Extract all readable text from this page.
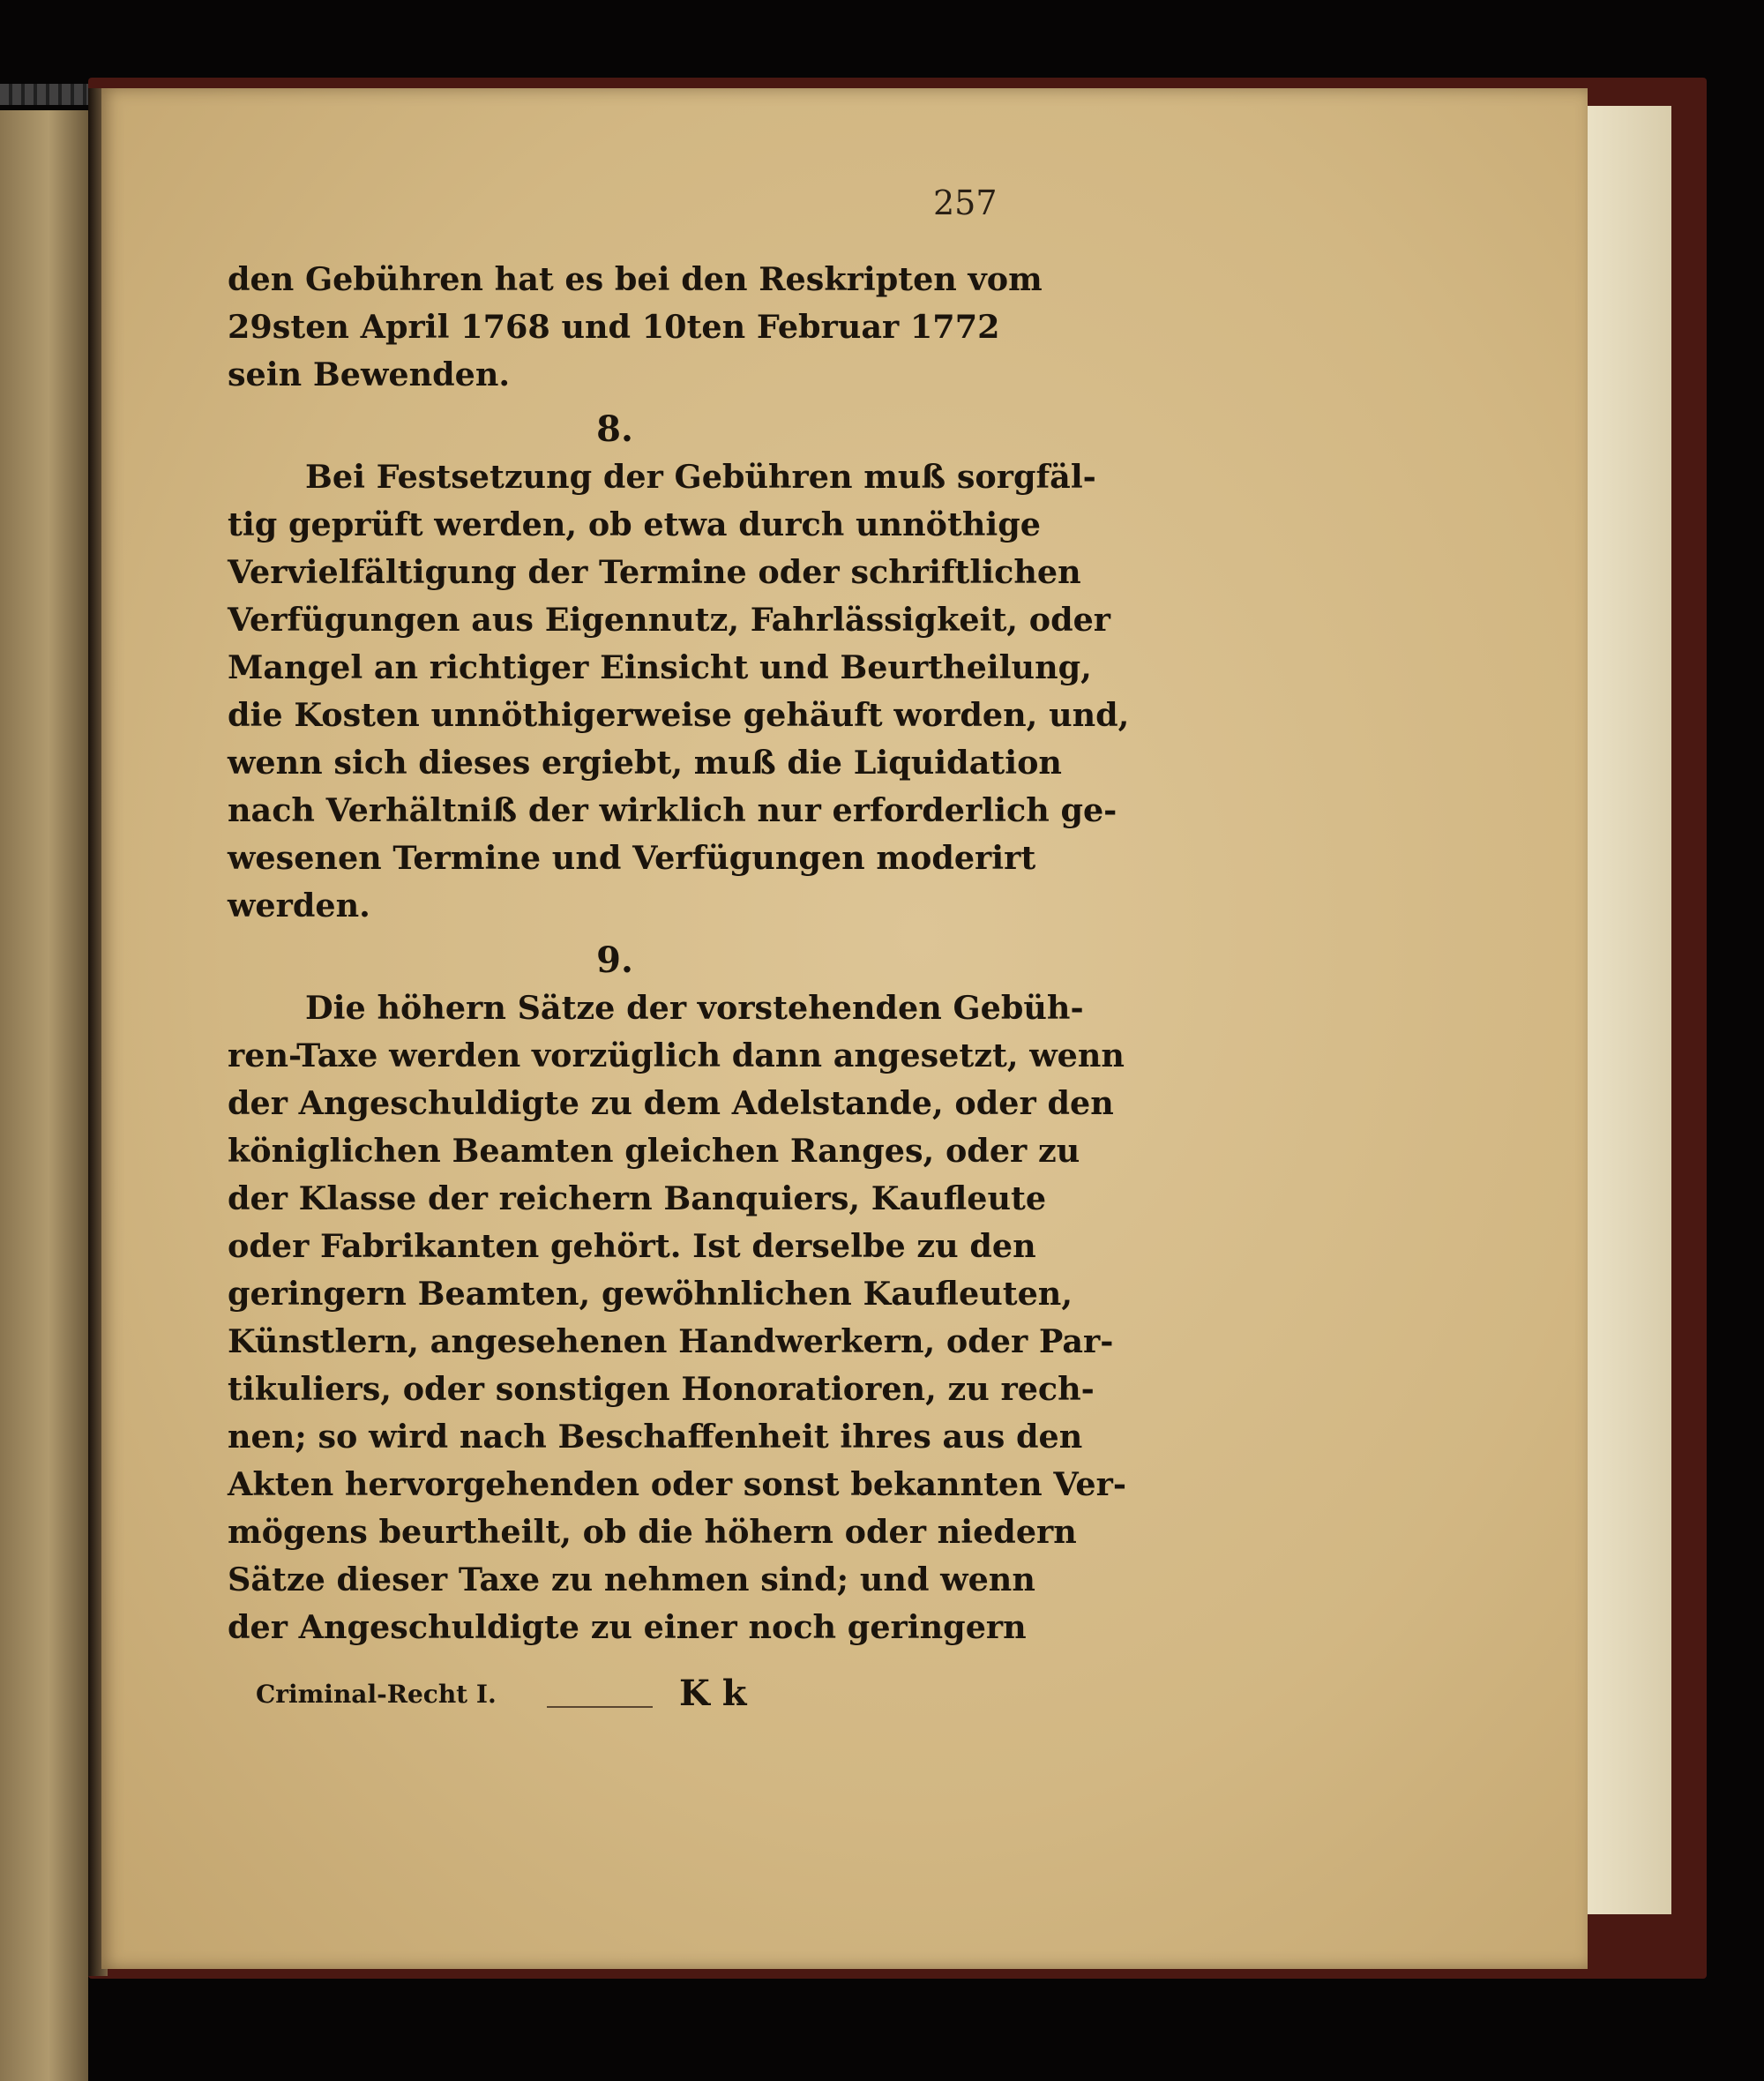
257
den Gebühren hat es bei den Reskripten vom
29sten April 1768 und 10ten Februar 1772
sein Bewenden.
8.
Bei Festsetzung der Gebühren muß sorgfäl-
tig geprüft werden, ob etwa durch unnöthige
Vervielfältigung der Termine oder schriftlichen
Verfügungen aus Eigennutz, Fahrlässigkeit, oder
Mangel an richtiger Einsicht und Beurtheilung,
die Kosten unnöthigerweise gehäuft worden, und,
wenn sich dieses ergiebt, muß die Liquidation
nach Verhältniß der wirklich nur erforderlich ge-
wesenen Termine und Verfügungen moderirt
werden.
9.
Die höhern Sätze der vorstehenden Gebüh-
ren-Taxe werden vorzüglich dann angesetzt, wenn
der Angeschuldigte zu dem Adelstande, oder den
königlichen Beamten gleichen Ranges, oder zu
der Klasse der reichern Banquiers, Kaufleute
oder Fabrikanten gehört. Ist derselbe zu den
geringern Beamten, gewöhnlichen Kaufleuten,
Künstlern, angesehenen Handwerkern, oder Par-
tikuliers, oder sonstigen Honoratioren, zu rech-
nen; so wird nach Beschaffenheit ihres aus den
Akten hervorgehenden oder sonst bekannten Ver-
mögens beurtheilt, ob die höhern oder niedern
Sätze dieser Taxe zu nehmen sind; und wenn
der Angeschuldigte zu einer noch geringern
Criminal-Recht I.	K k
